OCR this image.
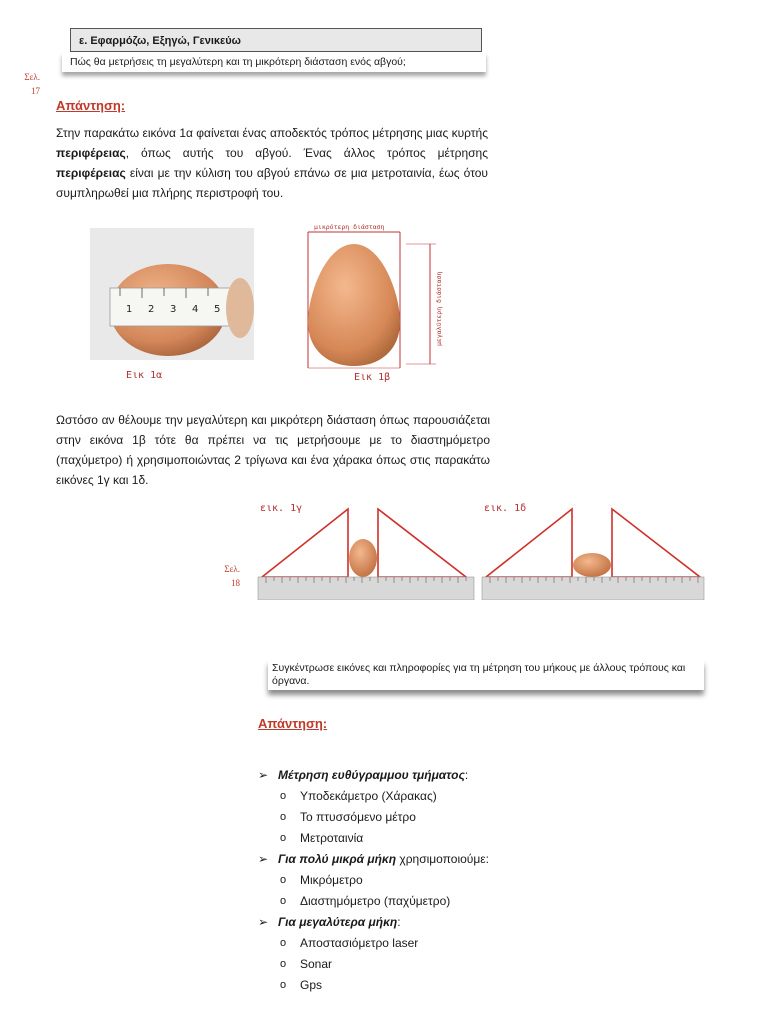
ε. Εφαρμόζω, Εξηγώ, Γενικεύω
Πώς θα μετρήσεις τη μεγαλύτερη και τη μικρότερη διάσταση ενός αβγού;
Σελ.
17
Απάντηση:
Στην παρακάτω εικόνα 1α φαίνεται ένας αποδεκτός τρόπος μέτρησης μιας κυρτής περιφέρειας, όπως αυτής του αβγού. Ένας άλλος τρόπος μέτρησης περιφέρειας είναι με την κύλιση του αβγού επάνω σε μια μετροταινία, έως ότου συμπληρωθεί μια πλήρης περιστροφή του.
1 2 3 4 5
Εικ 1α
μικρότερη διάσταση
μεγαλύτερη διάσταση
Εικ 1β
Ωστόσο αν θέλουμε την μεγαλύτερη και μικρότερη διάσταση όπως παρουσιάζεται στην εικόνα 1β τότε θα πρέπει να τις μετρήσουμε με το διαστημόμετρο (παχύμετρο) ή χρησιμοποιώντας 2 τρίγωνα και ένα χάρακα όπως στις παρακάτω εικόνες 1γ και 1δ.
εικ. 1γ
Σελ.
18
εικ. 1δ
Συγκέντρωσε εικόνες και πληροφορίες για τη μέτρηση του μήκους με άλλους τρόπους και όργανα.
Απάντηση:
➢ Μέτρηση ευθύγραμμου τμήματος:
o Υποδεκάμετρο (Χάρακας)
o Το πτυσσόμενο μέτρο
o Μετροταινία
➢ Για πολύ μικρά μήκη χρησιμοποιούμε:
o Μικρόμετρο
o Διαστημόμετρο (παχύμετρο)
➢ Για μεγαλύτερα μήκη:
o Αποστασιόμετρο laser
o Sonar
o Gps
